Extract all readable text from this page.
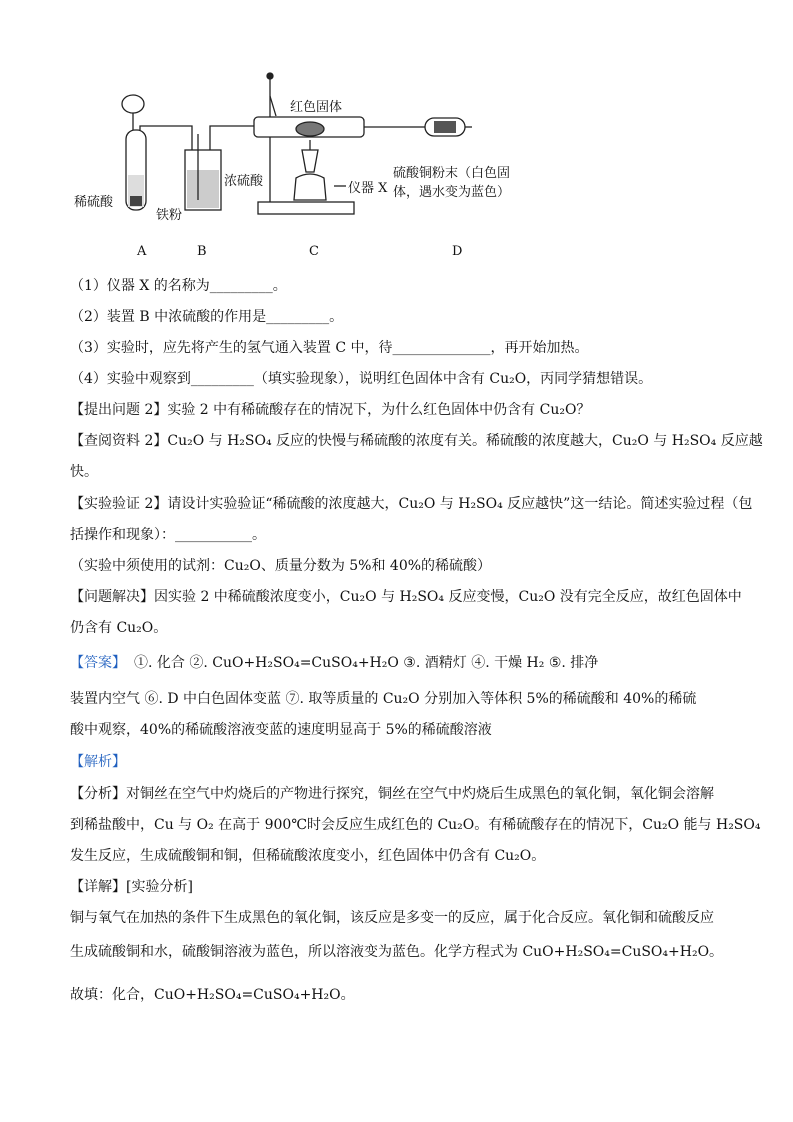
红色固体
浓硫酸	仪器 X
稀硫酸
铁粉
硫酸铜粉末（白色固
体，遇水变为蓝色）
A	B	C	D
（1）仪器 X 的名称为_________。
（2）装置 B 中浓硫酸的作用是_________。
（3）实验时，应先将产生的氢气通入装置 C 中，待______________，再开始加热。
（4）实验中观察到_________（填实验现象），说明红色固体中含有 Cu₂O，丙同学猜想错误。
【提出问题 2】实验 2 中有稀硫酸存在的情况下，为什么红色固体中仍含有 Cu₂O？
【查阅资料 2】Cu₂O 与 H₂SO₄ 反应的快慢与稀硫酸的浓度有关。稀硫酸的浓度越大，Cu₂O 与 H₂SO₄ 反应越
快。
【实验验证 2】请设计实验验证“稀硫酸的浓度越大，Cu₂O 与 H₂SO₄ 反应越快”这一结论。简述实验过程（包
括操作和现象）：___________。
（实验中须使用的试剂：Cu₂O、质量分数为 5%和 40%的稀硫酸）
【问题解决】因实验 2 中稀硫酸浓度变小，Cu₂O 与 H₂SO₄ 反应变慢，Cu₂O 没有完全反应，故红色固体中
仍含有 Cu₂O。
【答案】 ①. 化合 ②. CuO+H₂SO₄=CuSO₄+H₂O ③. 酒精灯 ④. 干燥 H₂ ⑤. 排净
装置内空气 ⑥. D 中白色固体变蓝 ⑦. 取等质量的 Cu₂O 分别加入等体积 5%的稀硫酸和 40%的稀硫
酸中观察，40%的稀硫酸溶液变蓝的速度明显高于 5%的稀硫酸溶液
【解析】
【分析】对铜丝在空气中灼烧后的产物进行探究，铜丝在空气中灼烧后生成黑色的氧化铜，氧化铜会溶解
到稀盐酸中，Cu 与 O₂ 在高于 900℃时会反应生成红色的 Cu₂O。有稀硫酸存在的情况下，Cu₂O 能与 H₂SO₄
发生反应，生成硫酸铜和铜，但稀硫酸浓度变小，红色固体中仍含有 Cu₂O。
【详解】[实验分析]
铜与氧气在加热的条件下生成黑色的氧化铜，该反应是多变一的反应，属于化合反应。氧化铜和硫酸反应
生成硫酸铜和水，硫酸铜溶液为蓝色，所以溶液变为蓝色。化学方程式为 CuO+H₂SO₄=CuSO₄+H₂O。
故填：化合，CuO+H₂SO₄=CuSO₄+H₂O。
